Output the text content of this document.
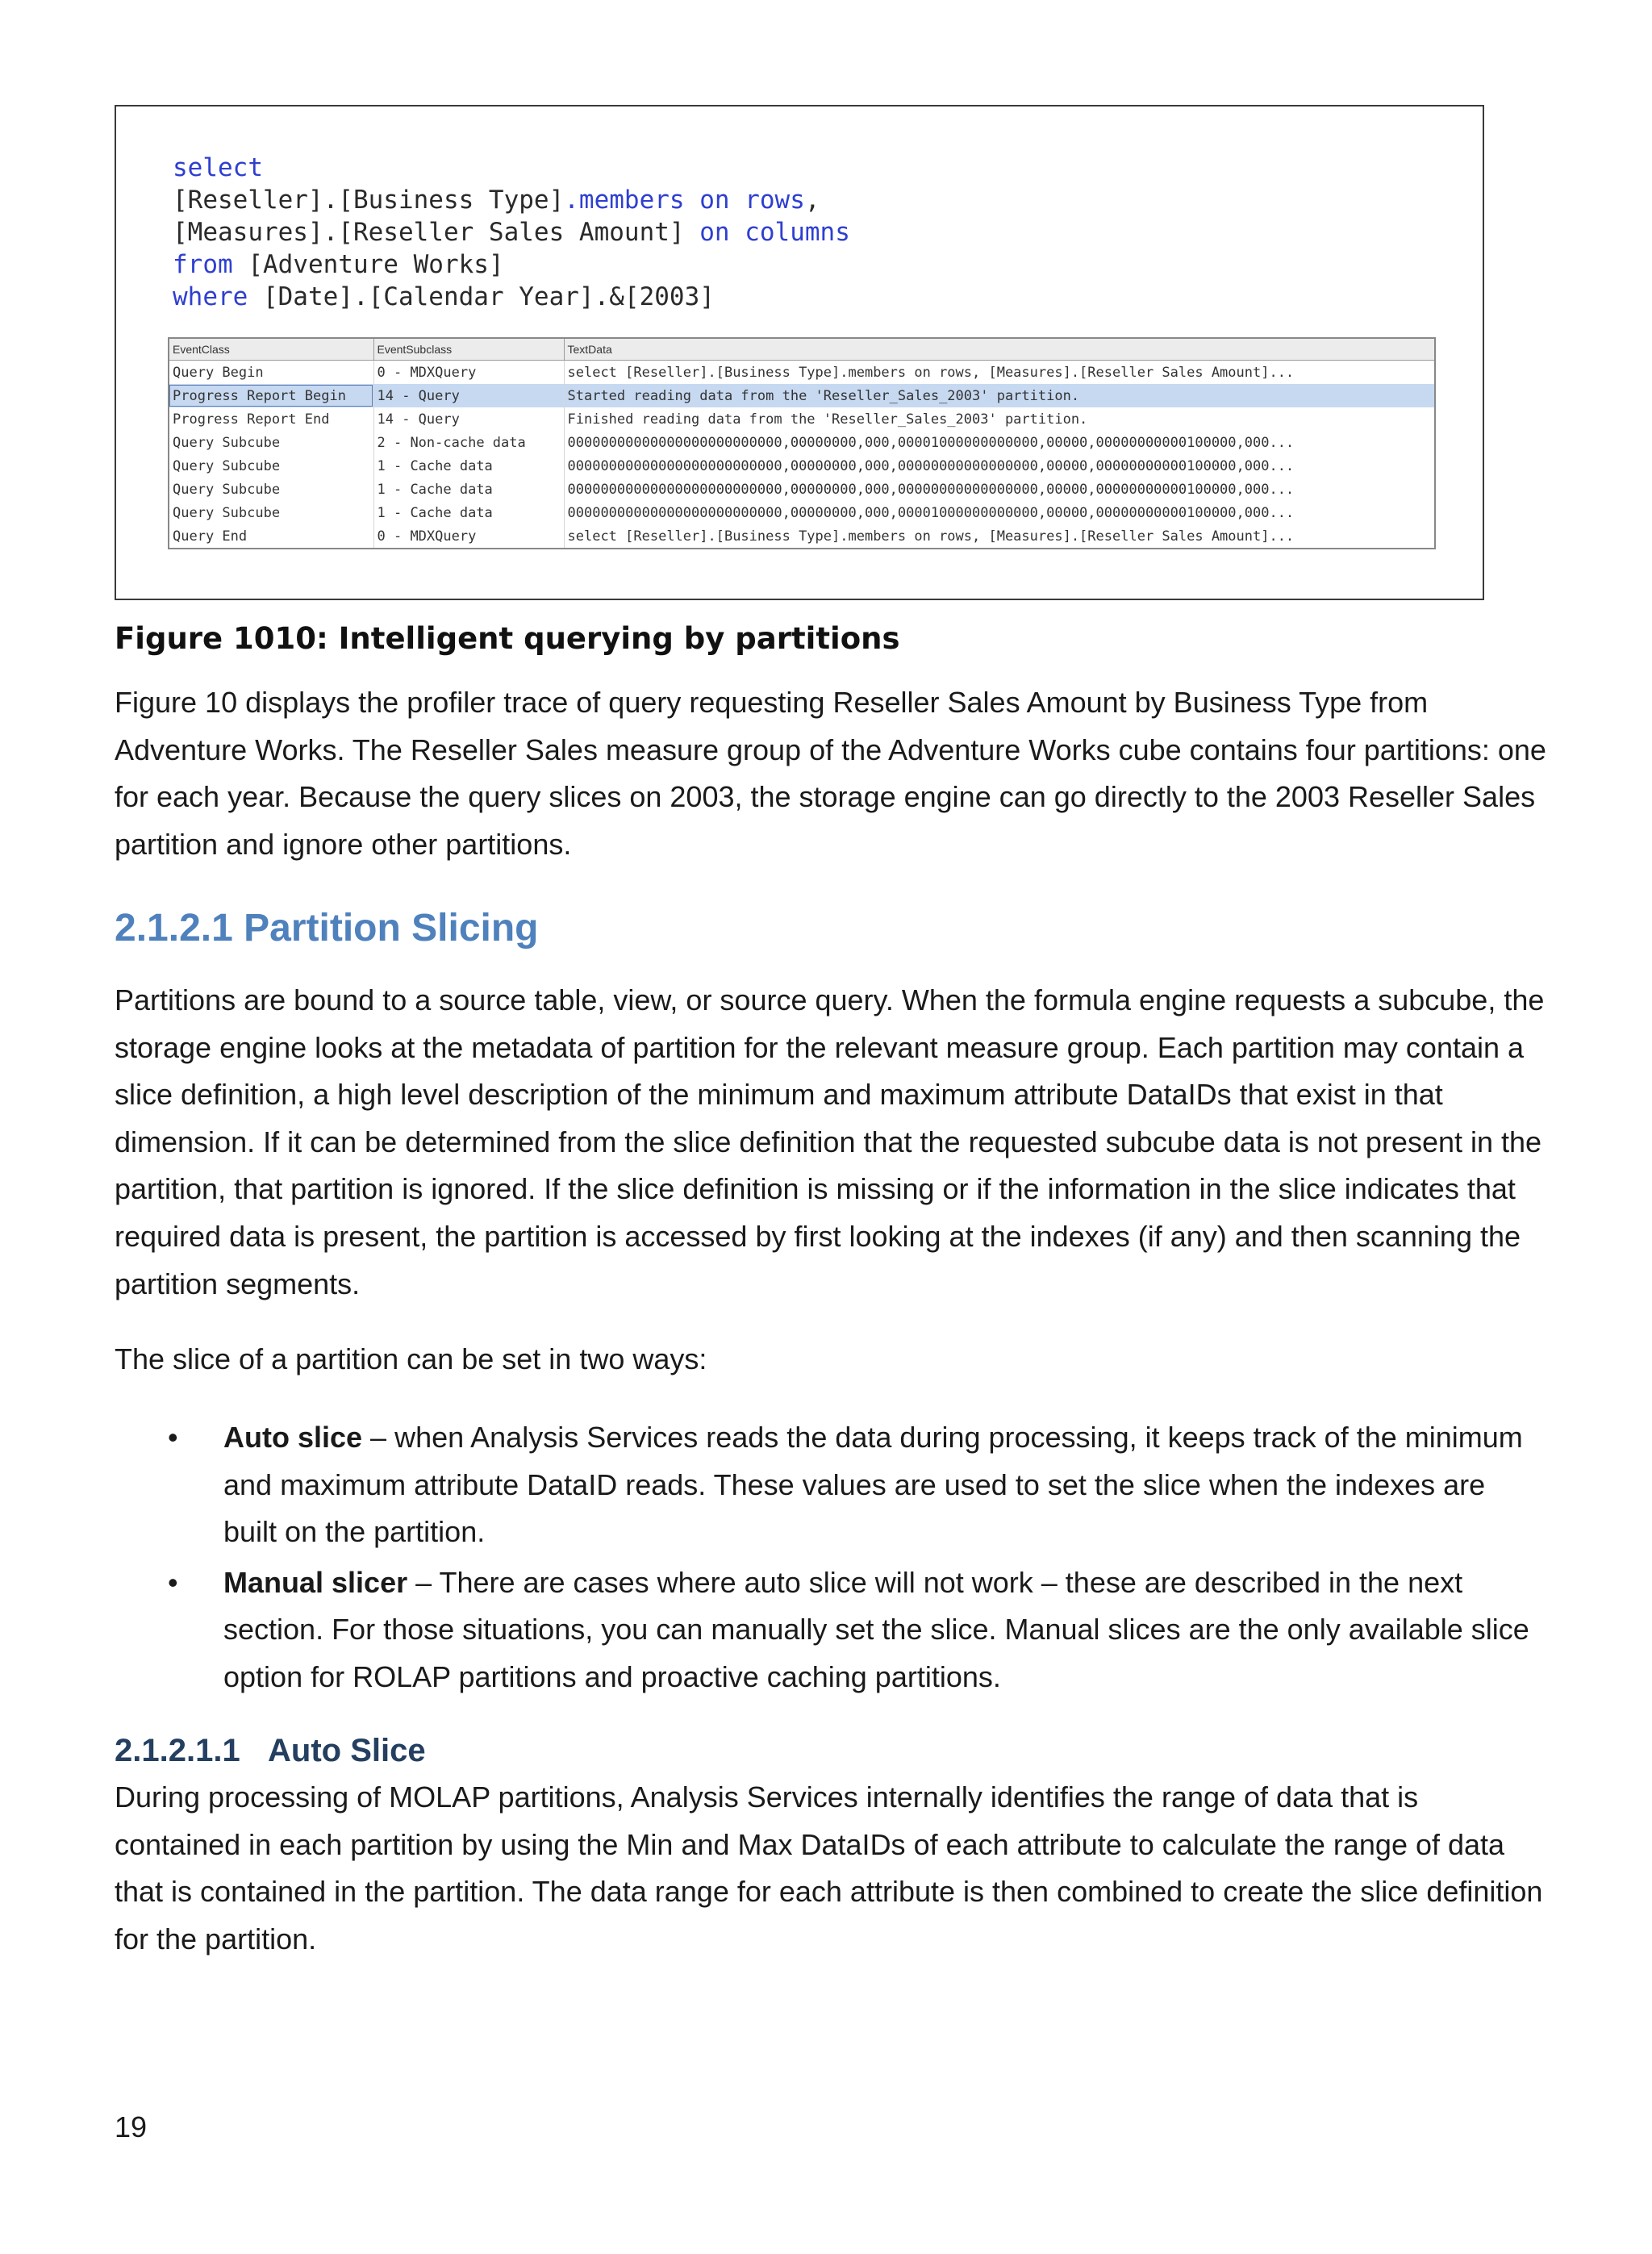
select
[Reseller].[Business Type].members on rows,
[Measures].[Reseller Sales Amount] on columns
from [Adventure Works]
where [Date].[Calendar Year].&[2003]
EventClass	EventSubclass	TextData
Query Begin	0 - MDXQuery	select [Reseller].[Business Type].members on rows, [Measures].[Reseller Sales Amount]...
Progress Report Begin	14 - Query	Started reading data from the 'Reseller_Sales_2003' partition.
Progress Report End	14 - Query	Finished reading data from the 'Reseller_Sales_2003' partition.
Query Subcube	2 - Non-cache data	00000000000000000000000000,00000000,000,00001000000000000,00000,00000000000100000,000...
Query Subcube	1 - Cache data	00000000000000000000000000,00000000,000,00000000000000000,00000,00000000000100000,000...
Query Subcube	1 - Cache data	00000000000000000000000000,00000000,000,00000000000000000,00000,00000000000100000,000...
Query Subcube	1 - Cache data	00000000000000000000000000,00000000,000,00001000000000000,00000,00000000000100000,000...
Query End	0 - MDXQuery	select [Reseller].[Business Type].members on rows, [Measures].[Reseller Sales Amount]...
Figure 1010: Intelligent querying by partitions

Figure 10 displays the profiler trace of query requesting Reseller Sales Amount by Business Type from Adventure Works. The Reseller Sales measure group of the Adventure Works cube contains four partitions: one for each year. Because the query slices on 2003, the storage engine can go directly to the 2003 Reseller Sales partition and ignore other partitions.

2.1.2.1 Partition Slicing

Partitions are bound to a source table, view, or source query. When the formula engine requests a subcube, the storage engine looks at the metadata of partition for the relevant measure group. Each partition may contain a slice definition, a high level description of the minimum and maximum attribute DataIDs that exist in that dimension. If it can be determined from the slice definition that the requested subcube data is not present in the partition, that partition is ignored. If the slice definition is missing or if the information in the slice indicates that required data is present, the partition is accessed by first looking at the indexes (if any) and then scanning the partition segments.

The slice of a partition can be set in two ways:

• Auto slice – when Analysis Services reads the data during processing, it keeps track of the minimum and maximum attribute DataID reads. These values are used to set the slice when the indexes are built on the partition.
• Manual slicer – There are cases where auto slice will not work – these are described in the next section. For those situations, you can manually set the slice. Manual slices are the only available slice option for ROLAP partitions and proactive caching partitions.
2.1.2.1.1 Auto Slice

During processing of MOLAP partitions, Analysis Services internally identifies the range of data that is contained in each partition by using the Min and Max DataIDs of each attribute to calculate the range of data that is contained in the partition. The data range for each attribute is then combined to create the slice definition for the partition.

19
